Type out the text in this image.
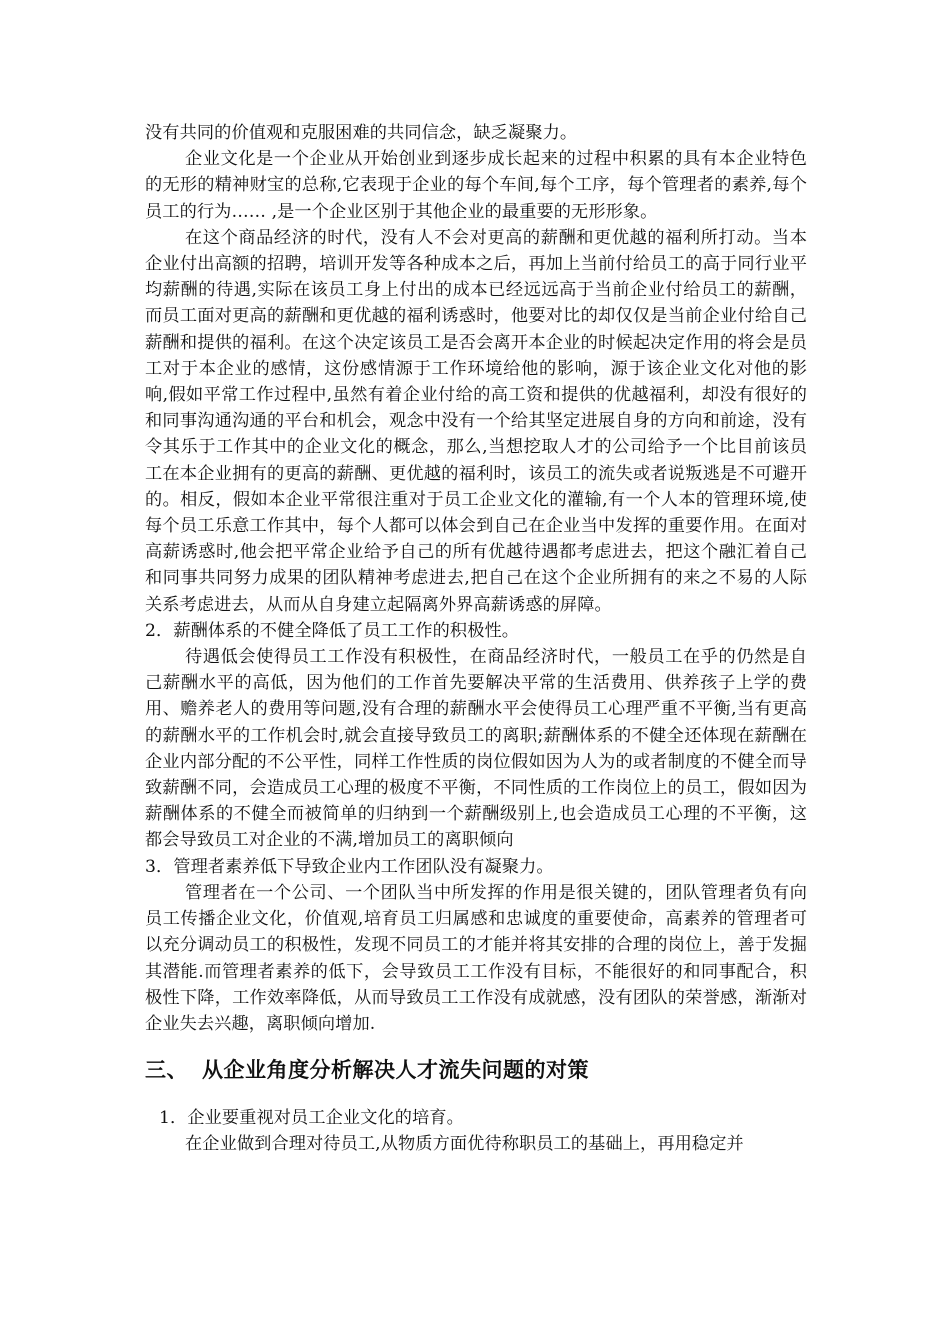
没有共同的价值观和克服困难的共同信念，缺乏凝聚力。

企业文化是一个企业从开始创业到逐步成长起来的过程中积累的具有本企业特色的无形的精神财宝的总称,它表现于企业的每个车间,每个工序，每个管理者的素养,每个员工的行为…… ,是一个企业区别于其他企业的最重要的无形形象。

在这个商品经济的时代，没有人不会对更高的薪酬和更优越的福利所打动。当本企业付出高额的招聘，培训开发等各种成本之后，再加上当前付给员工的高于同行业平均薪酬的待遇,实际在该员工身上付出的成本已经远远高于当前企业付给员工的薪酬，而员工面对更高的薪酬和更优越的福利诱惑时，他要对比的却仅仅是当前企业付给自己薪酬和提供的福利。在这个决定该员工是否会离开本企业的时候起决定作用的将会是员工对于本企业的感情，这份感情源于工作环境给他的影响，源于该企业文化对他的影响,假如平常工作过程中,虽然有着企业付给的高工资和提供的优越福利，却没有很好的和同事沟通沟通的平台和机会，观念中没有一个给其坚定进展自身的方向和前途，没有令其乐于工作其中的企业文化的概念，那么,当想挖取人才的公司给予一个比目前该员工在本企业拥有的更高的薪酬、更优越的福利时，该员工的流失或者说叛逃是不可避开的。相反，假如本企业平常很注重对于员工企业文化的灌输,有一个人本的管理环境,使每个员工乐意工作其中，每个人都可以体会到自己在企业当中发挥的重要作用。在面对高薪诱惑时,他会把平常企业给予自己的所有优越待遇都考虑进去，把这个融汇着自己和同事共同努力成果的团队精神考虑进去,把自己在这个企业所拥有的来之不易的人际关系考虑进去，从而从自身建立起隔离外界高薪诱惑的屏障。

2．薪酬体系的不健全降低了员工工作的积极性。

待遇低会使得员工工作没有积极性，在商品经济时代，一般员工在乎的仍然是自己薪酬水平的高低，因为他们的工作首先要解决平常的生活费用、供养孩子上学的费用、赡养老人的费用等问题,没有合理的薪酬水平会使得员工心理严重不平衡,当有更高的薪酬水平的工作机会时,就会直接导致员工的离职;薪酬体系的不健全还体现在薪酬在企业内部分配的不公平性，同样工作性质的岗位假如因为人为的或者制度的不健全而导致薪酬不同，会造成员工心理的极度不平衡，不同性质的工作岗位上的员工，假如因为薪酬体系的不健全而被简单的归纳到一个薪酬级别上,也会造成员工心理的不平衡，这都会导致员工对企业的不满,增加员工的离职倾向

3．管理者素养低下导致企业内工作团队没有凝聚力。

管理者在一个公司、一个团队当中所发挥的作用是很关键的，团队管理者负有向员工传播企业文化，价值观,培育员工归属感和忠诚度的重要使命，高素养的管理者可以充分调动员工的积极性，发现不同员工的才能并将其安排的合理的岗位上，善于发掘其潜能.而管理者素养的低下，会导致员工工作没有目标，不能很好的和同事配合，积极性下降，工作效率降低，从而导致员工工作没有成就感，没有团队的荣誉感，渐渐对企业失去兴趣，离职倾向增加.

三、 从企业角度分析解决人才流失问题的对策

1．企业要重视对员工企业文化的培育。

在企业做到合理对待员工,从物质方面优待称职员工的基础上，再用稳定并
